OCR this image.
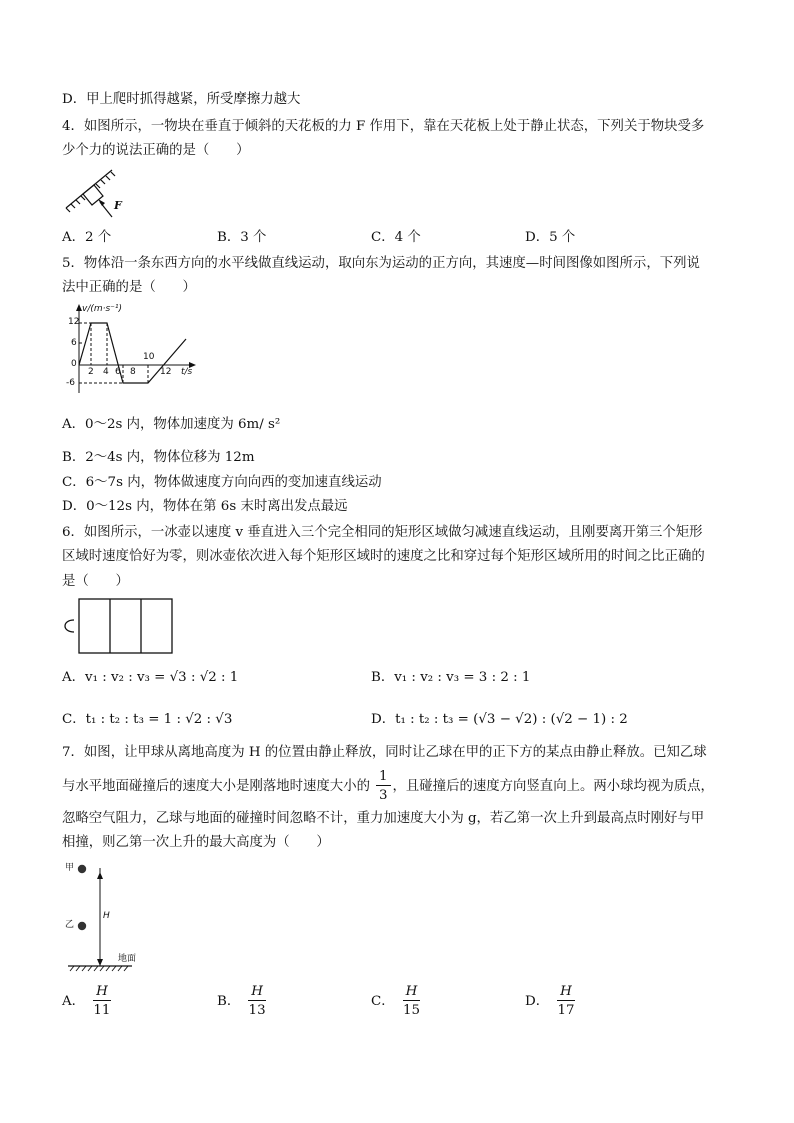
D．甲上爬时抓得越紧，所受摩擦力越大
4．如图所示，一物块在垂直于倾斜的天花板的力 F 作用下，靠在天花板上处于静止状态，下列关于物块受多
少个力的说法正确的是（　　）
F
A．2 个	B．3 个	C．4 个	D．5 个
5．物体沿一条东西方向的水平线做直线运动，取向东为运动的正方向，其速度—时间图像如图所示，下列说
法中正确的是（　　）
v/(m·s⁻¹)
12
6
0
-6
2 4 6 8
10
12 t/s
A．0～2s 内，物体加速度为 6m/ s²
B．2～4s 内，物体位移为 12m
C．6～7s 内，物体做速度方向向西的变加速直线运动
D．0～12s 内，物体在第 6s 末时离出发点最远
6．如图所示，一冰壶以速度 v 垂直进入三个完全相同的矩形区域做匀减速直线运动，且刚要离开第三个矩形
区域时速度恰好为零，则冰壶依次进入每个矩形区域时的速度之比和穿过每个矩形区域所用的时间之比正确的
是（　　）
A．v₁ : v₂ : v₃ = √3 : √2 : 1	B．v₁ : v₂ : v₃ = 3 : 2 : 1
C．t₁ : t₂ : t₃ = 1 : √2 : √3	D．t₁ : t₂ : t₃ = (√3 − √2) : (√2 − 1) : 2
7．如图，让甲球从离地高度为 H 的位置由静止释放，同时让乙球在甲的正下方的某点由静止释放。已知乙球
与水平地面碰撞后的速度大小是刚落地时速度大小的 $\frac{1}{3}$ ，且碰撞后的速度方向竖直向上。两小球均视为质点，
忽略空气阻力，乙球与地面的碰撞时间忽略不计，重力加速度大小为 g，若乙第一次上升到最高点时刚好与甲
相撞，则乙第一次上升的最大高度为（　　）
甲
乙
H
地面
A． $\frac{H}{11}$	B． $\frac{H}{13}$	C． $\frac{H}{15}$	D． $\frac{H}{17}$
